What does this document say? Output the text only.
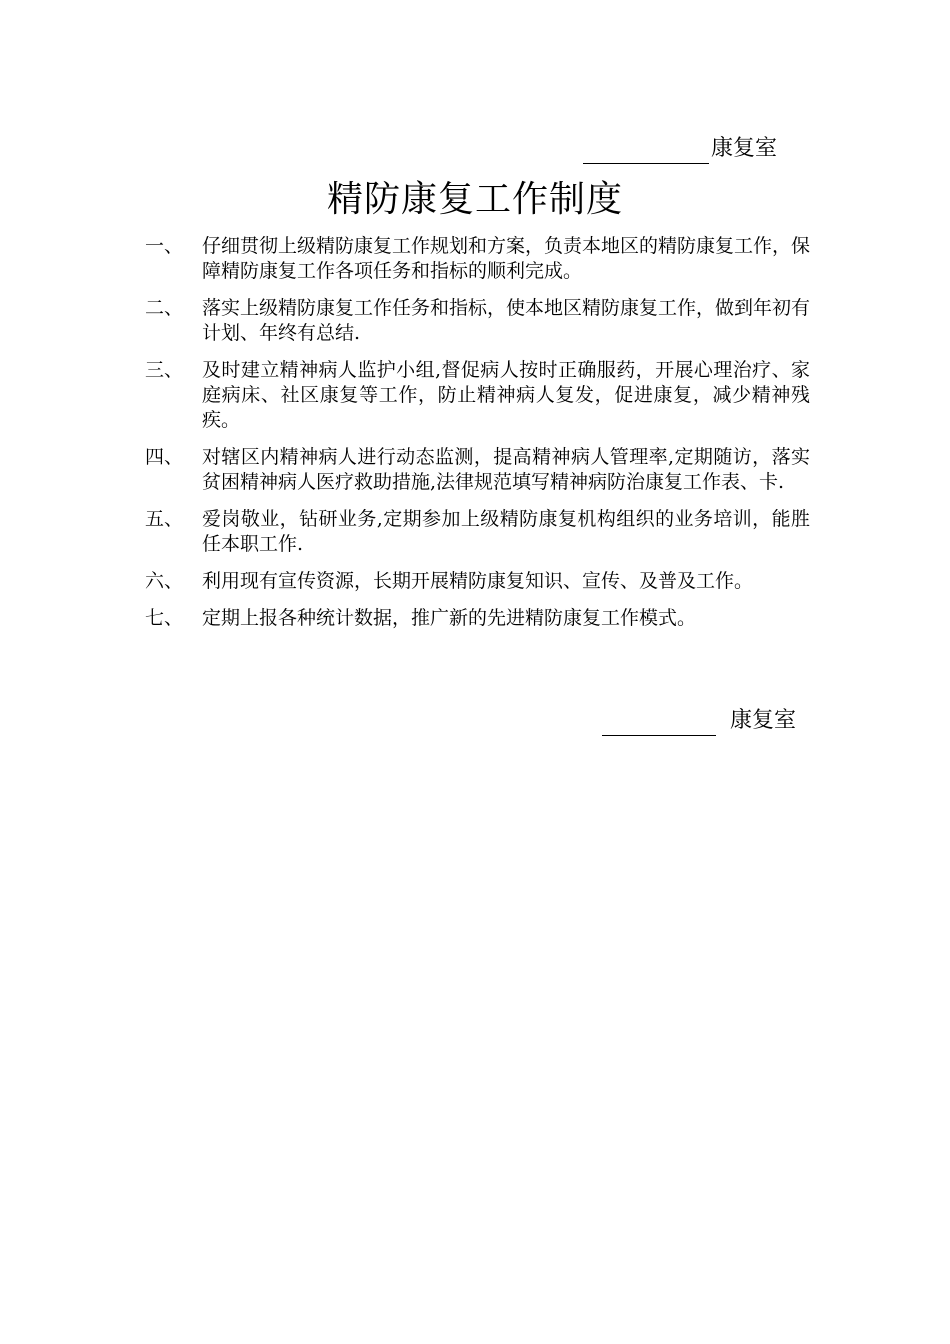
康复室
精防康复工作制度
一、 仔细贯彻上级精防康复工作规划和方案，负责本地区的精防康复工作，保障精防康复工作各项任务和指标的顺利完成。
二、 落实上级精防康复工作任务和指标，使本地区精防康复工作，做到年初有计划、年终有总结.
三、 及时建立精神病人监护小组,督促病人按时正确服药，开展心理治疗、家庭病床、社区康复等工作，防止精神病人复发，促进康复，减少精神残疾。
四、 对辖区内精神病人进行动态监测，提高精神病人管理率,定期随访，落实贫困精神病人医疗救助措施,法律规范填写精神病防治康复工作表、卡.
五、 爱岗敬业，钻研业务,定期参加上级精防康复机构组织的业务培训，能胜任本职工作.
六、 利用现有宣传资源，长期开展精防康复知识、宣传、及普及工作。
七、 定期上报各种统计数据，推广新的先进精防康复工作模式。
康复室
